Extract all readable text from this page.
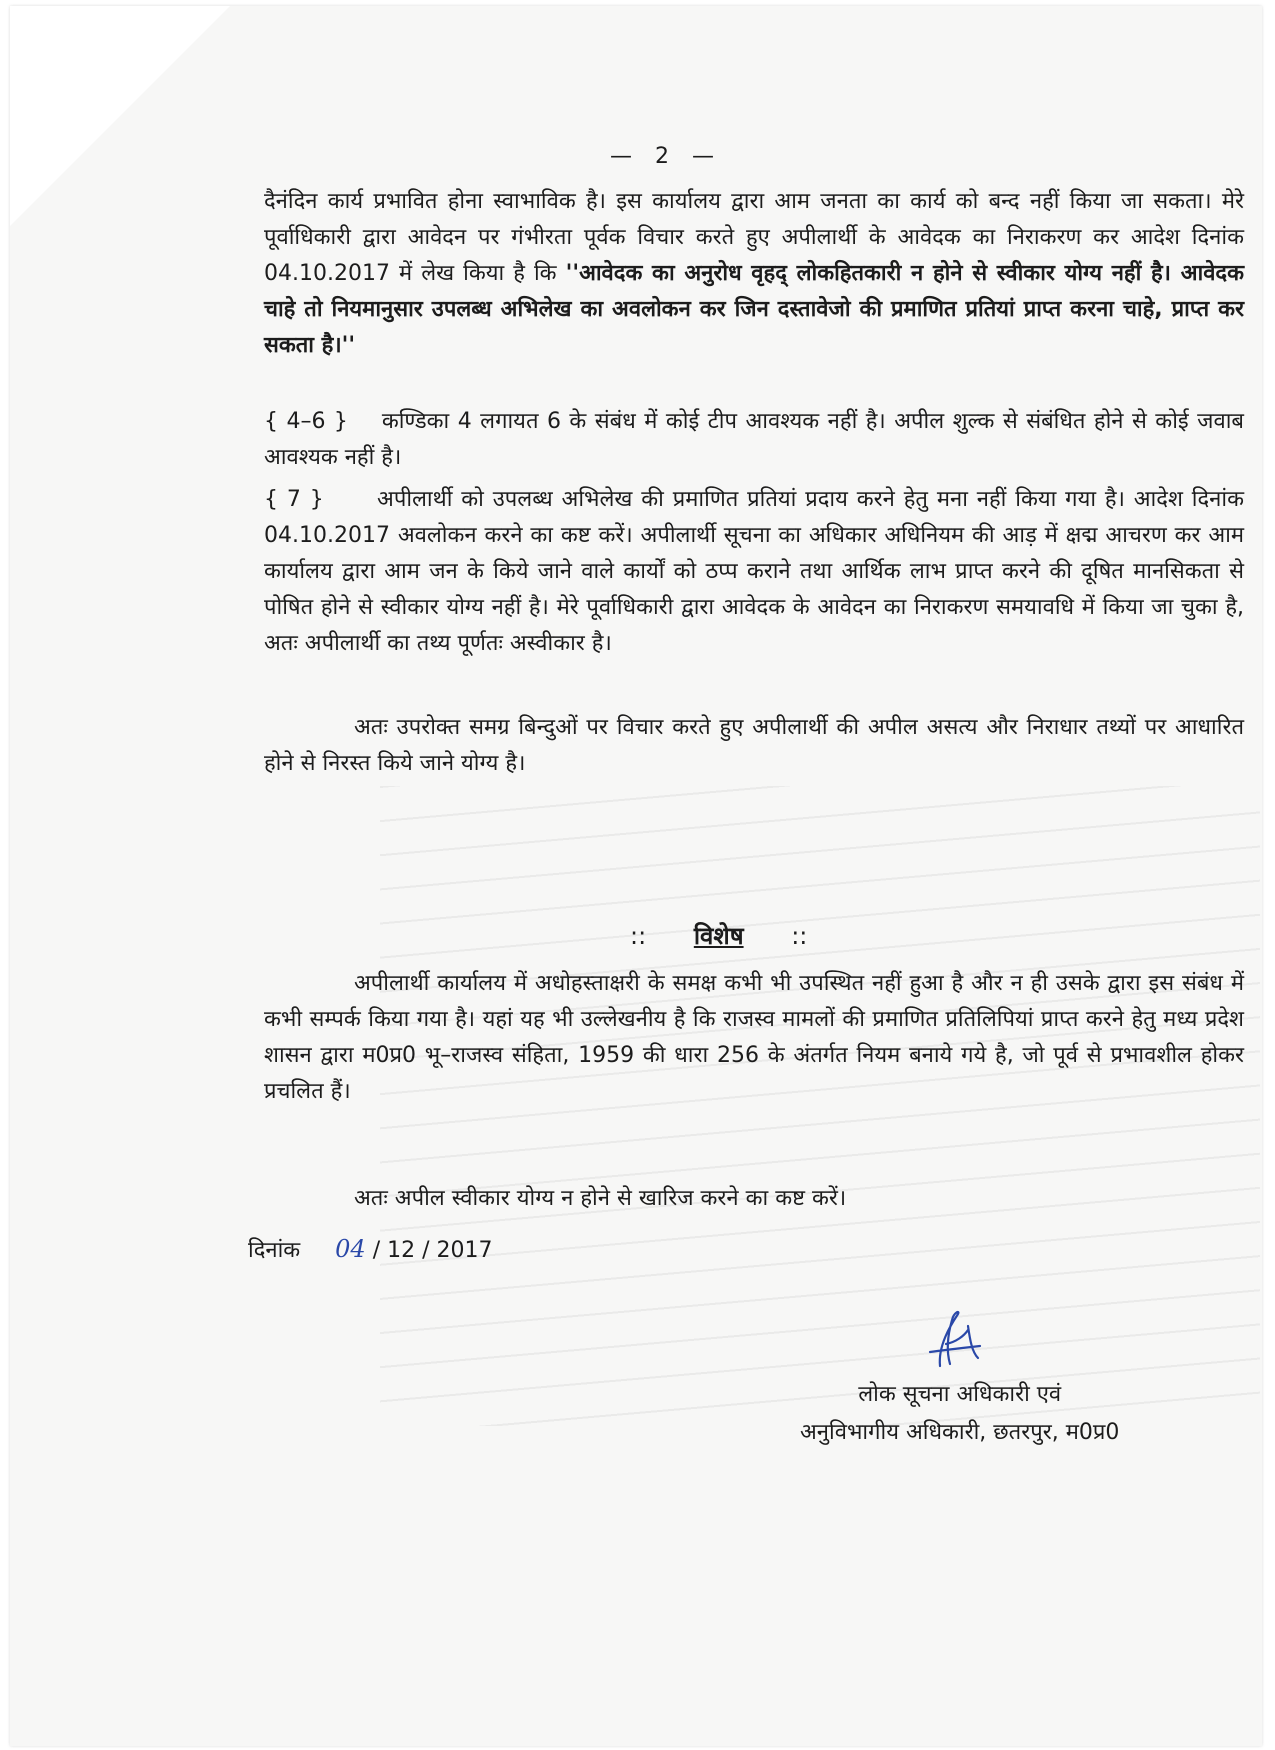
— 2 —

दैनंदिन कार्य प्रभावित होना स्वाभाविक है। इस कार्यालय द्वारा आम जनता का कार्य को बन्द नहीं किया जा सकता। मेरे पूर्वाधिकारी द्वारा आवेदन पर गंभीरता पूर्वक विचार करते हुए अपीलार्थी के आवेदक का निराकरण कर आदेश दिनांक 04.10.2017 में लेख किया है कि ''आवेदक का अनुरोध वृहद् लोकहितकारी न होने से स्वीकार योग्य नहीं है। आवेदक चाहे तो नियमानुसार उपलब्ध अभिलेख का अवलोकन कर जिन दस्तावेजो की प्रमाणित प्रतियां प्राप्त करना चाहे, प्राप्त कर सकता है।''

{ 4–6 } कण्डिका 4 लगायत 6 के संबंध में कोई टीप आवश्यक नहीं है। अपील शुल्क से संबंधित होने से कोई जवाब आवश्यक नहीं है।

{ 7 } अपीलार्थी को उपलब्ध अभिलेख की प्रमाणित प्रतियां प्रदाय करने हेतु मना नहीं किया गया है। आदेश दिनांक 04.10.2017 अवलोकन करने का कष्ट करें। अपीलार्थी सूचना का अधिकार अधिनियम की आड़ में क्षद्म आचरण कर आम कार्यालय द्वारा आम जन के किये जाने वाले कार्यों को ठप्प कराने तथा आर्थिक लाभ प्राप्त करने की दूषित मानसिकता से पोषित होने से स्वीकार योग्य नहीं है। मेरे पूर्वाधिकारी द्वारा आवेदक के आवेदन का निराकरण समयावधि में किया जा चुका है, अतः अपीलार्थी का तथ्य पूर्णतः अस्वीकार है।

अतः उपरोक्त समग्र बिन्दुओं पर विचार करते हुए अपीलार्थी की अपील असत्य और निराधार तथ्यों पर आधारित होने से निरस्त किये जाने योग्य है।

:: विशेष ::

अपीलार्थी कार्यालय में अधोहस्ताक्षरी के समक्ष कभी भी उपस्थित नहीं हुआ है और न ही उसके द्वारा इस संबंध में कभी सम्पर्क किया गया है। यहां यह भी उल्लेखनीय है कि राजस्व मामलों की प्रमाणित प्रतिलिपियां प्राप्त करने हेतु मध्य प्रदेश शासन द्वारा म0प्र0 भू–राजस्व संहिता, 1959 की धारा 256 के अंतर्गत नियम बनाये गये है, जो पूर्व से प्रभावशील होकर प्रचलित हैं।

अतः अपील स्वीकार योग्य न होने से खारिज करने का कष्ट करें।

दिनांक 04 / 12 / 2017
लोक सूचना अधिकारी एवं
अनुविभागीय अधिकारी, छतरपुर, म0प्र0
